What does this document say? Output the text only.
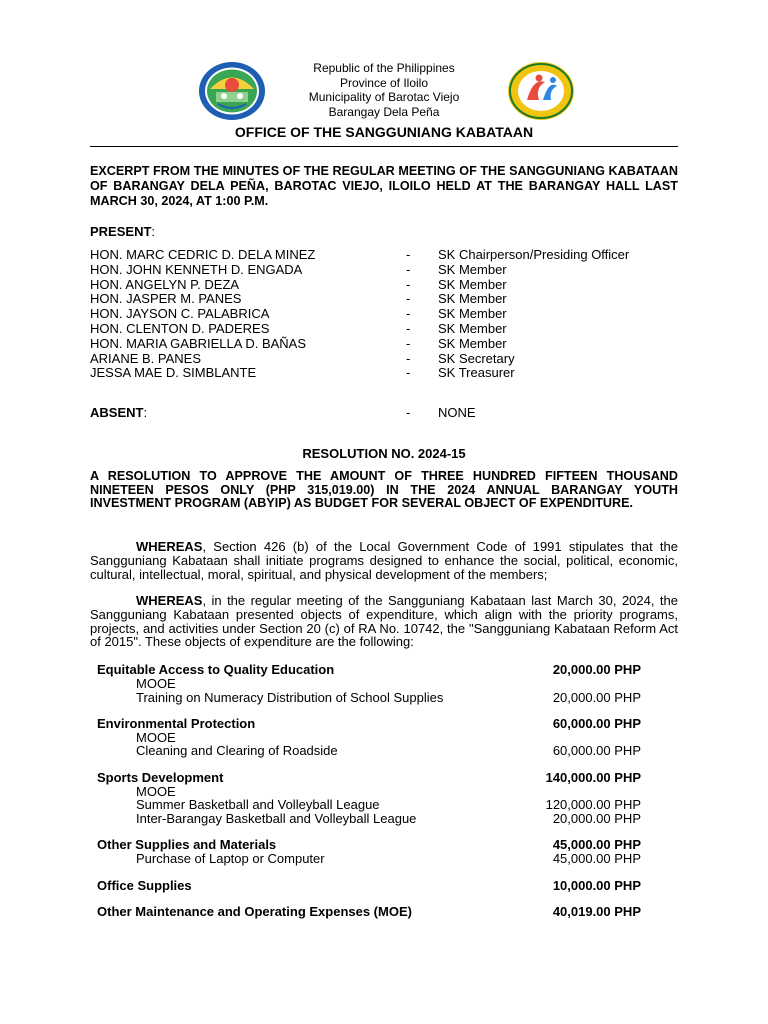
Republic of the Philippines
Province of Iloilo
Municipality of Barotac Viejo
Barangay Dela Peña
OFFICE OF THE SANGGUNIANG KABATAAN
EXCERPT FROM THE MINUTES OF THE REGULAR MEETING OF THE SANGGUNIANG KABATAAN OF BARANGAY DELA PEÑA, BAROTAC VIEJO, ILOILO HELD AT THE BARANGAY HALL LAST MARCH 30, 2024, AT 1:00 P.M.
PRESENT:
HON. MARC CEDRIC D. DELA MINEZ	- SK Chairperson/Presiding Officer
HON. JOHN KENNETH D. ENGADA	- SK Member
HON. ANGELYN P. DEZA	- SK Member
HON. JASPER M. PANES	- SK Member
HON. JAYSON C. PALABRICA	- SK Member
HON. CLENTON D. PADERES	- SK Member
HON. MARIA GABRIELLA D. BAÑAS	- SK Member
ARIANE B. PANES	- SK Secretary
JESSA MAE D. SIMBLANTE	- SK Treasurer
ABSENT:	- NONE
RESOLUTION NO. 2024-15
A RESOLUTION TO APPROVE THE AMOUNT OF THREE HUNDRED FIFTEEN THOUSAND NINETEEN PESOS ONLY (PHP 315,019.00) IN THE 2024 ANNUAL BARANGAY YOUTH INVESTMENT PROGRAM (ABYIP) AS BUDGET FOR SEVERAL OBJECT OF EXPENDITURE.
WHEREAS, Section 426 (b) of the Local Government Code of 1991 stipulates that the Sangguniang Kabataan shall initiate programs designed to enhance the social, political, economic, cultural, intellectual, moral, spiritual, and physical development of the members;
WHEREAS, in the regular meeting of the Sangguniang Kabataan last March 30, 2024, the Sangguniang Kabataan presented objects of expenditure, which align with the priority programs, projects, and activities under Section 20 (c) of RA No. 10742, the "Sangguniang Kabataan Reform Act of 2015". These objects of expenditure are the following:
Equitable Access to Quality Education	20,000.00 PHP
MOOE
Training on Numeracy Distribution of School Supplies	20,000.00 PHP
Environmental Protection	60,000.00 PHP
MOOE
Cleaning and Clearing of Roadside	60,000.00 PHP
Sports Development	140,000.00 PHP
MOOE
Summer Basketball and Volleyball League	120,000.00 PHP
Inter-Barangay Basketball and Volleyball League	20,000.00 PHP
Other Supplies and Materials	45,000.00 PHP
Purchase of Laptop or Computer	45,000.00 PHP
Office Supplies	10,000.00 PHP
Other Maintenance and Operating Expenses (MOE)	40,019.00 PHP
